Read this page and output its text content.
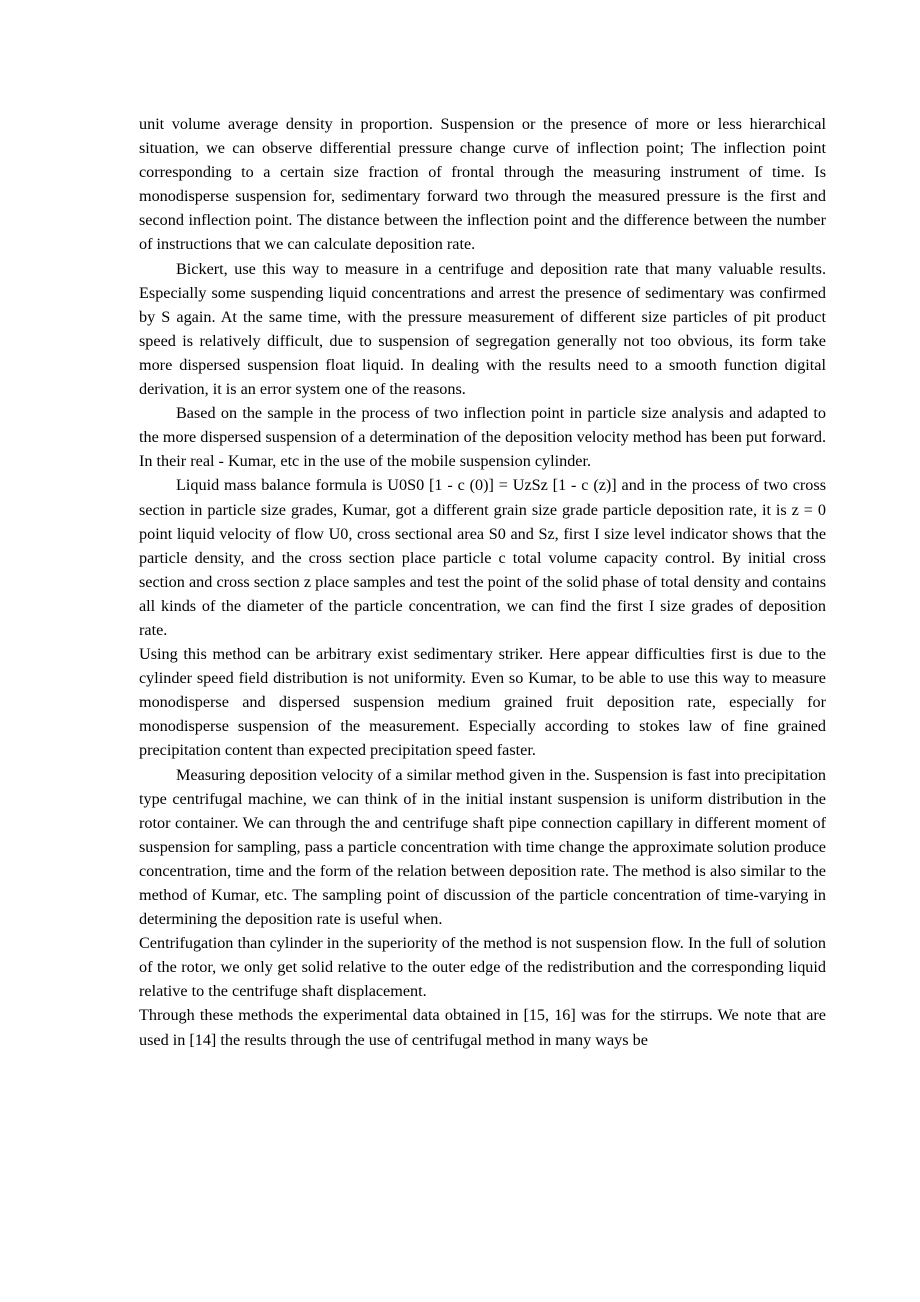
unit volume average density in proportion. Suspension or the presence of more or less hierarchical situation, we can observe differential pressure change curve of inflection point; The inflection point corresponding to a certain size fraction of frontal through the measuring instrument of time. Is monodisperse suspension for, sedimentary forward two through the measured pressure is the first and second inflection point. The distance between the inflection point and the difference between the number of instructions that we can calculate deposition rate.

Bickert, use this way to measure in a centrifuge and deposition rate that many valuable results. Especially some suspending liquid concentrations and arrest the presence of sedimentary was confirmed by S again. At the same time, with the pressure measurement of different size particles of pit product speed is relatively difficult, due to suspension of segregation generally not too obvious, its form take more dispersed suspension float liquid. In dealing with the results need to a smooth function digital derivation, it is an error system one of the reasons.

Based on the sample in the process of two inflection point in particle size analysis and adapted to the more dispersed suspension of a determination of the deposition velocity method has been put forward. In their real - Kumar, etc in the use of the mobile suspension cylinder.

Liquid mass balance formula is U0S0 [1 - c (0)] = UzSz [1 - c (z)] and in the process of two cross section in particle size grades, Kumar, got a different grain size grade particle deposition rate, it is z = 0 point liquid velocity of flow U0, cross sectional area S0 and Sz, first I size level indicator shows that the particle density, and the cross section place particle c total volume capacity control. By initial cross section and cross section z place samples and test the point of the solid phase of total density and contains all kinds of the diameter of the particle concentration, we can find the first I size grades of deposition rate.

Using this method can be arbitrary exist sedimentary striker. Here appear difficulties first is due to the cylinder speed field distribution is not uniformity. Even so Kumar, to be able to use this way to measure monodisperse and dispersed suspension medium grained fruit deposition rate, especially for monodisperse suspension of the measurement. Especially according to stokes law of fine grained precipitation content than expected precipitation speed faster.

Measuring deposition velocity of a similar method given in the. Suspension is fast into precipitation type centrifugal machine, we can think of in the initial instant suspension is uniform distribution in the rotor container. We can through the and centrifuge shaft pipe connection capillary in different moment of suspension for sampling, pass a particle concentration with time change the approximate solution produce concentration, time and the form of the relation between deposition rate. The method is also similar to the method of Kumar, etc. The sampling point of discussion of the particle concentration of time-varying in determining the deposition rate is useful when.

Centrifugation than cylinder in the superiority of the method is not suspension flow. In the full of solution of the rotor, we only get solid relative to the outer edge of the redistribution and the corresponding liquid relative to the centrifuge shaft displacement.

Through these methods the experimental data obtained in [15, 16] was for the stirrups. We note that are used in [14] the results through the use of centrifugal method in many ways be
